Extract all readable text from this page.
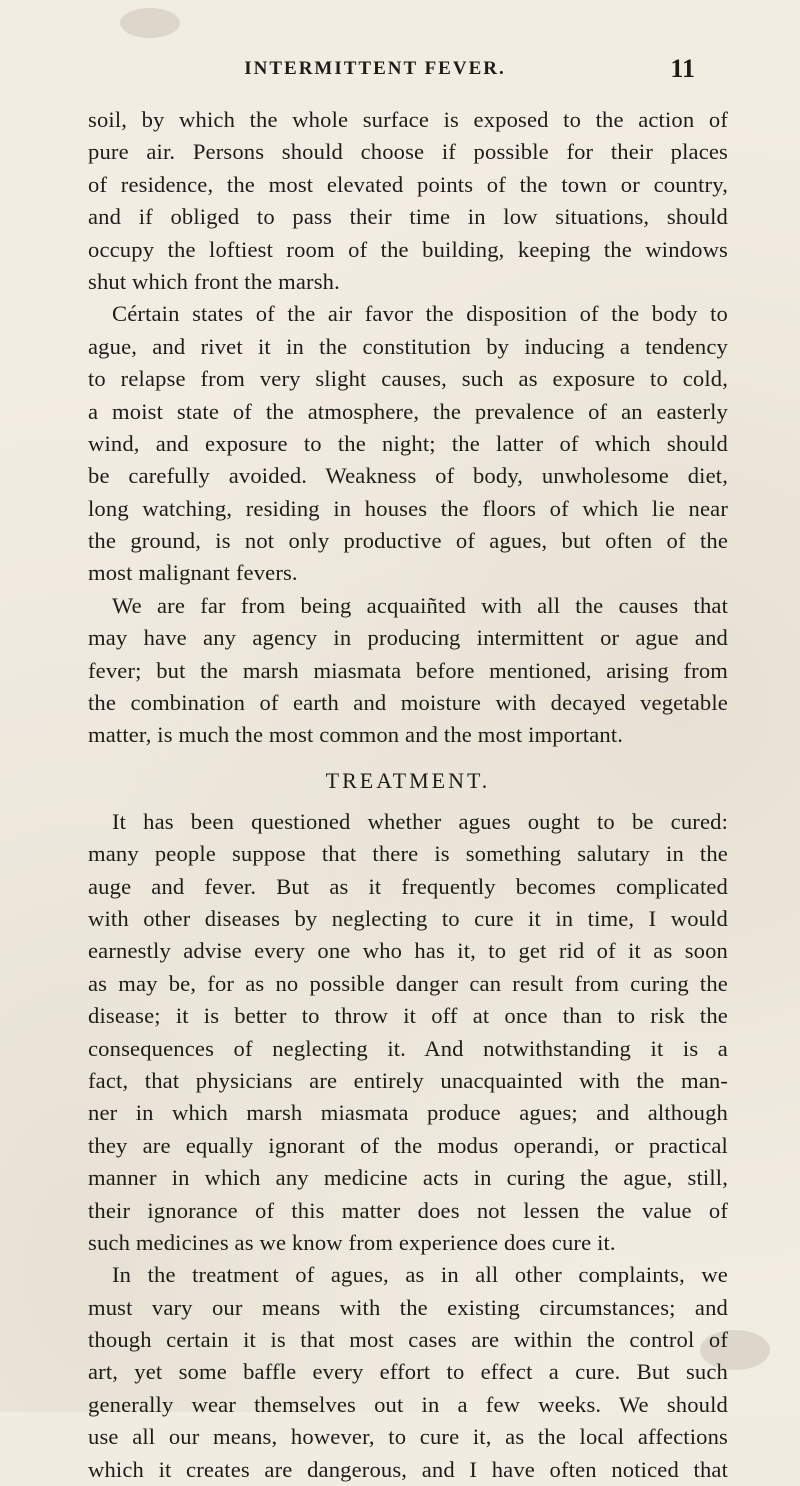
INTERMITTENT FEVER.	11
soil, by which the whole surface is exposed to the action of
pure air. Persons should choose if possible for their places
of residence, the most elevated points of the town or country,
and if obliged to pass their time in low situations, should
occupy the loftiest room of the building, keeping the windows
shut which front the marsh.
Cértain states of the air favor the disposition of the body to
ague, and rivet it in the constitution by inducing a tendency
to relapse from very slight causes, such as exposure to cold,
a moist state of the atmosphere, the prevalence of an easterly
wind, and exposure to the night; the latter of which should
be carefully avoided. Weakness of body, unwholesome diet,
long watching, residing in houses the floors of which lie near
the ground, is not only productive of agues, but often of the
most malignant fevers.
We are far from being acquaiñted with all the causes that
may have any agency in producing intermittent or ague and
fever; but the marsh miasmata before mentioned, arising from
the combination of earth and moisture with decayed vegetable
matter, is much the most common and the most important.
TREATMENT.
It has been questioned whether agues ought to be cured:
many people suppose that there is something salutary in the
auge and fever. But as it frequently becomes complicated
with other diseases by neglecting to cure it in time, I would
earnestly advise every one who has it, to get rid of it as soon
as may be, for as no possible danger can result from curing the
disease; it is better to throw it off at once than to risk the
consequences of neglecting it. And notwithstanding it is a
fact, that physicians are entirely unacquainted with the man-
ner in which marsh miasmata produce agues; and although
they are equally ignorant of the modus operandi, or practical
manner in which any medicine acts in curing the ague, still,
their ignorance of this matter does not lessen the value of
such medicines as we know from experience does cure it.
In the treatment of agues, as in all other complaints, we
must vary our means with the existing circumstances; and
though certain it is that most cases are within the control of
art, yet some baffle every effort to effect a cure. But such
generally wear themselves out in a few weeks. We should
use all our means, however, to cure it, as the local affections
which it creates are dangerous, and I have often noticed that
